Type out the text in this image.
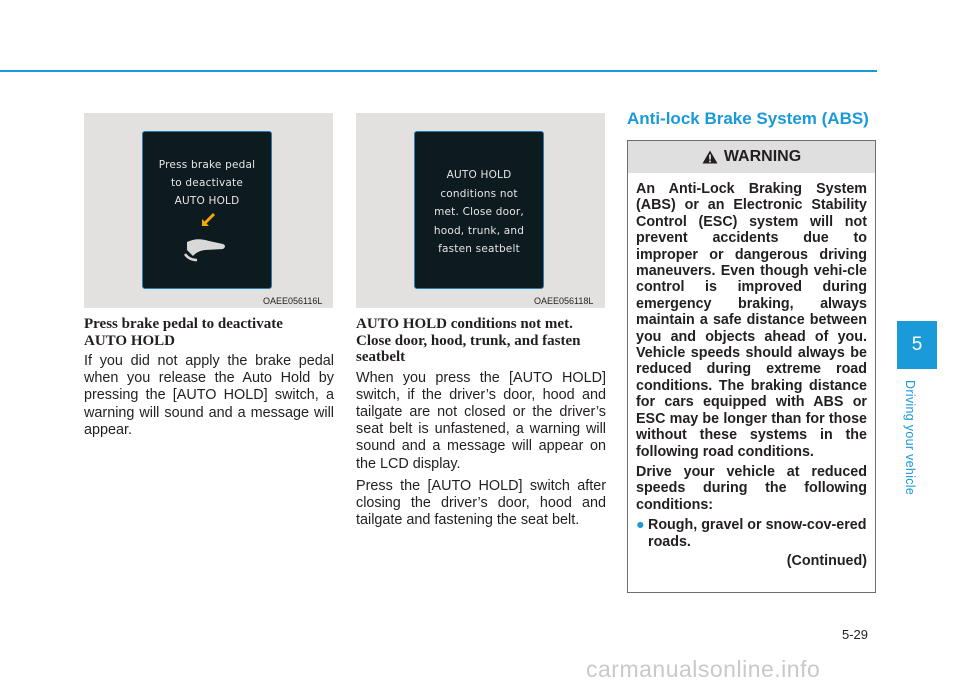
Press brake pedal
to deactivate
AUTO HOLD
OAEE056116L
AUTO HOLD
conditions not
met. Close door,
hood, trunk, and
fasten seatbelt
OAEE056118L

Press brake pedal to deactivate
AUTO HOLD

If you did not apply the brake pedal when you release the Auto Hold by pressing the [AUTO HOLD] switch, a warning will sound and a message will appear.

AUTO HOLD conditions not met.
Close door, hood, trunk, and fasten
seatbelt

When you press the [AUTO HOLD] switch, if the driver’s door, hood and tailgate are not closed or the driver’s seat belt is unfastened, a warning will sound and a message will appear on the LCD display.

Press the [AUTO HOLD] switch after closing the driver’s door, hood and tailgate and fastening the seat belt.

Anti-lock Brake System (ABS)
WARNING

An Anti-Lock Braking System (ABS) or an Electronic Stability Control (ESC) system will not prevent accidents due to improper or dangerous driving maneuvers. Even though vehi-cle control is improved during emergency braking, always maintain a safe distance between you and objects ahead of you. Vehicle speeds should always be reduced during extreme road conditions. The braking distance for cars equipped with ABS or ESC may be longer than for those without these systems in the following road conditions.

Drive your vehicle at reduced speeds during the following conditions:

● Rough, gravel or snow-cov-ered roads.
(Continued)
5
Driving your vehicle
5-29
carmanualsonline.info
